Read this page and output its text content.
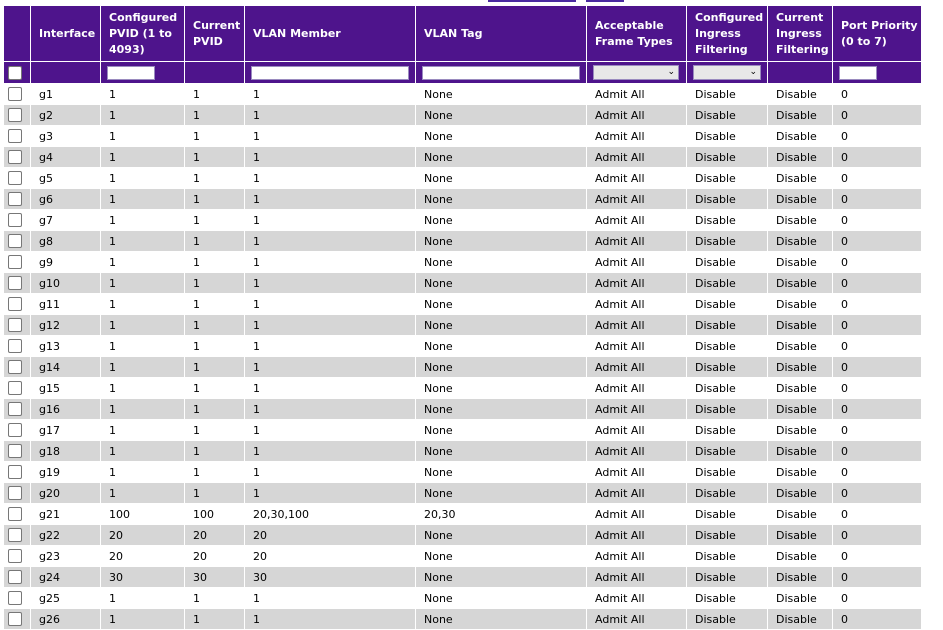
	Interface	Configured PVID (1 to 4093)	Current PVID	VLAN Member	VLAN Tag	Acceptable Frame Types	Configured Ingress Filtering	Current Ingress Filtering	Port Priority (0 to 7)

						⌄	⌄		

	g1	1	1	1	None	Admit All	Disable	Disable	0
	g2	1	1	1	None	Admit All	Disable	Disable	0
	g3	1	1	1	None	Admit All	Disable	Disable	0
	g4	1	1	1	None	Admit All	Disable	Disable	0
	g5	1	1	1	None	Admit All	Disable	Disable	0
	g6	1	1	1	None	Admit All	Disable	Disable	0
	g7	1	1	1	None	Admit All	Disable	Disable	0
	g8	1	1	1	None	Admit All	Disable	Disable	0
	g9	1	1	1	None	Admit All	Disable	Disable	0
	g10	1	1	1	None	Admit All	Disable	Disable	0
	g11	1	1	1	None	Admit All	Disable	Disable	0
	g12	1	1	1	None	Admit All	Disable	Disable	0
	g13	1	1	1	None	Admit All	Disable	Disable	0
	g14	1	1	1	None	Admit All	Disable	Disable	0
	g15	1	1	1	None	Admit All	Disable	Disable	0
	g16	1	1	1	None	Admit All	Disable	Disable	0
	g17	1	1	1	None	Admit All	Disable	Disable	0
	g18	1	1	1	None	Admit All	Disable	Disable	0
	g19	1	1	1	None	Admit All	Disable	Disable	0
	g20	1	1	1	None	Admit All	Disable	Disable	0
	g21	100	100	20,30,100	20,30	Admit All	Disable	Disable	0
	g22	20	20	20	None	Admit All	Disable	Disable	0
	g23	20	20	20	None	Admit All	Disable	Disable	0
	g24	30	30	30	None	Admit All	Disable	Disable	0
	g25	1	1	1	None	Admit All	Disable	Disable	0
	g26	1	1	1	None	Admit All	Disable	Disable	0
